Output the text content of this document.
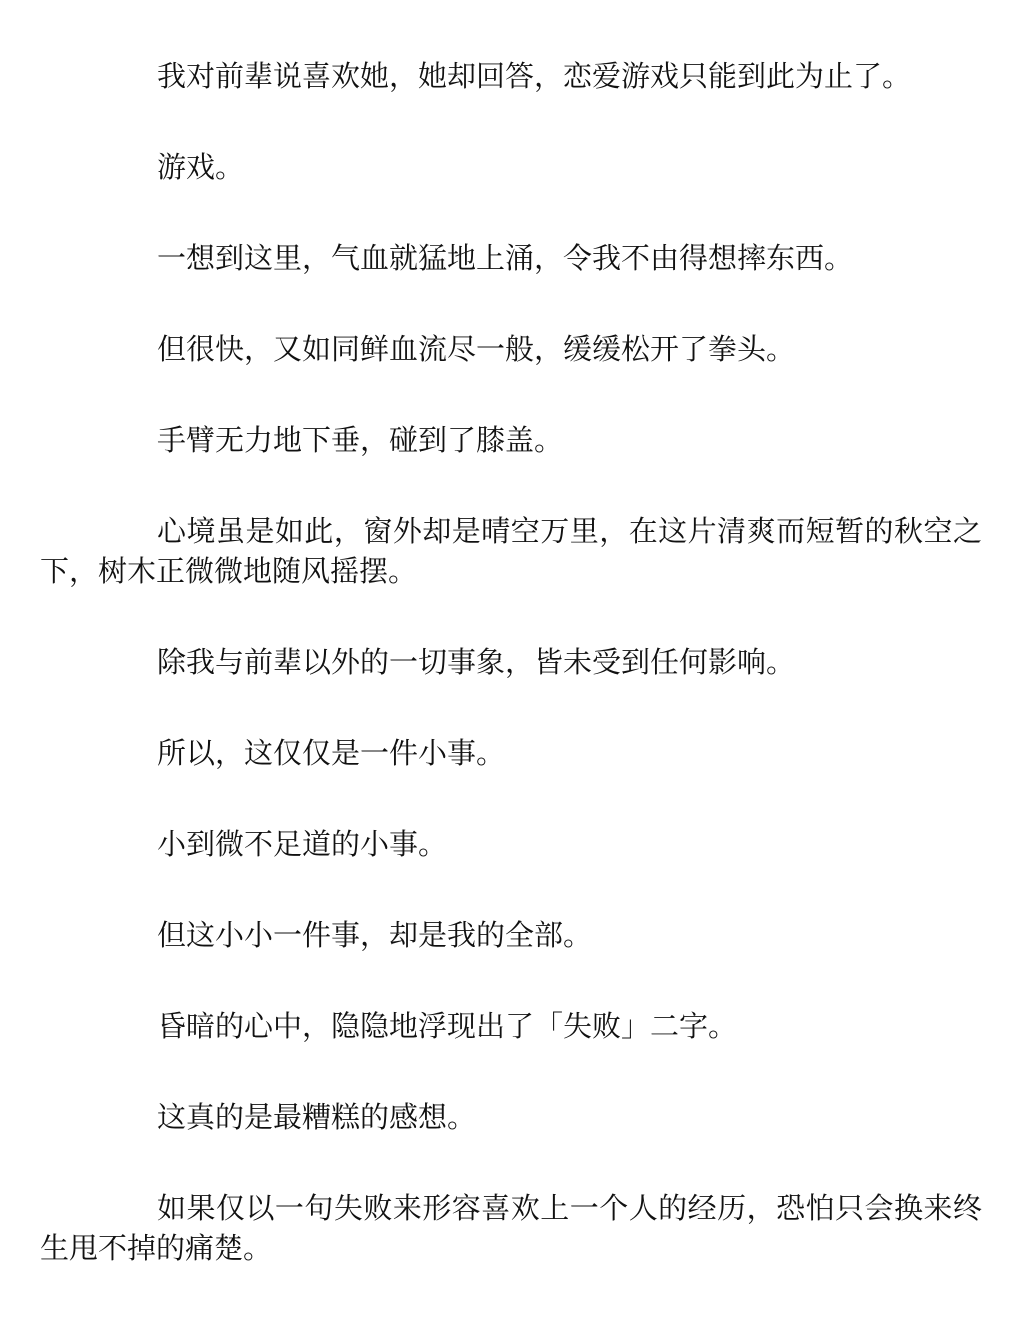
我对前辈说喜欢她，她却回答，恋爱游戏只能到此为止了。

游戏。

一想到这里，气血就猛地上涌，令我不由得想摔东西。

但很快，又如同鲜血流尽一般，缓缓松开了拳头。

手臂无力地下垂，碰到了膝盖。

心境虽是如此，窗外却是晴空万里，在这片清爽而短暂的秋空之下，树木正微微地随风摇摆。

除我与前辈以外的一切事象，皆未受到任何影响。

所以，这仅仅是一件小事。

小到微不足道的小事。

但这小小一件事，却是我的全部。

昏暗的心中，隐隐地浮现出了「失败」二字。

这真的是最糟糕的感想。

如果仅以一句失败来形容喜欢上一个人的经历，恐怕只会换来终生甩不掉的痛楚。
